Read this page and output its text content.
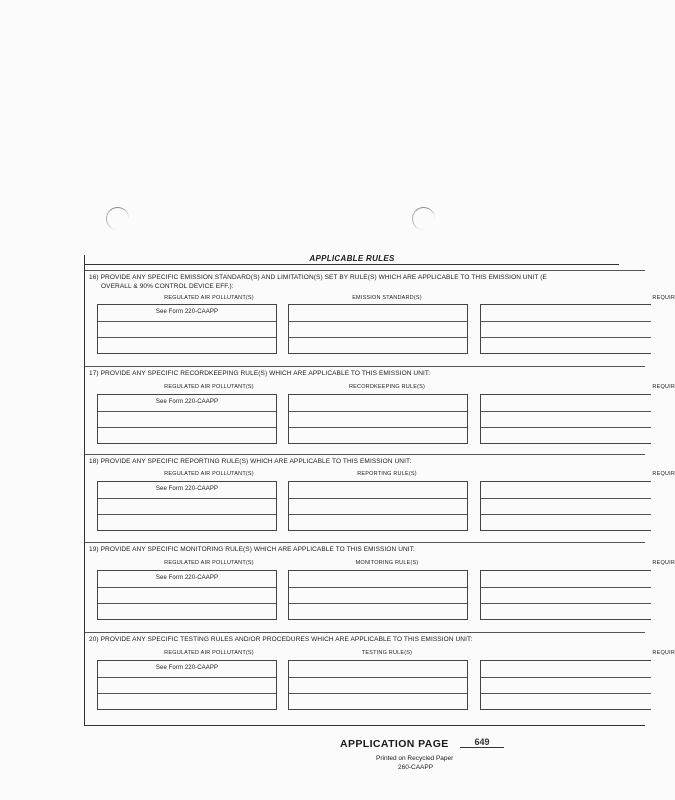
APPLICABLE RULES
16) PROVIDE ANY SPECIFIC EMISSION STANDARD(S) AND LIMITATION(S) SET BY RULE(S) WHICH ARE APPLICABLE TO THIS EMISSION UNIT (E
OVERALL & 90% CONTROL DEVICE EFF.):
REGULATED AIR POLLUTANT(S)	EMISSION STANDARD(S)	REQUIR
See Form 220-CAAPP
17) PROVIDE ANY SPECIFIC RECORDKEEPING RULE(S) WHICH ARE APPLICABLE TO THIS EMISSION UNIT:
REGULATED AIR POLLUTANT(S)	RECORDKEEPING RULE(S)	REQUIR
See Form 220-CAAPP
18) PROVIDE ANY SPECIFIC REPORTING RULE(S) WHICH ARE APPLICABLE TO THIS EMISSION UNIT:
REGULATED AIR POLLUTANT(S)	REPORTING RULE(S)	REQUIR
See Form 220-CAAPP
19) PROVIDE ANY SPECIFIC MONITORING RULE(S) WHICH ARE APPLICABLE TO THIS EMISSION UNIT:
REGULATED AIR POLLUTANT(S)	MONITORING RULE(S)	REQUIR
See Form 220-CAAPP
20) PROVIDE ANY SPECIFIC TESTING RULES AND/OR PROCEDURES WHICH ARE APPLICABLE TO THIS EMISSION UNIT:
REGULATED AIR POLLUTANT(S)	TESTING RULE(S)	REQUIR
See Form 220-CAAPP
APPLICATION PAGE	649
Printed on Recycled Paper
260-CAAPP
